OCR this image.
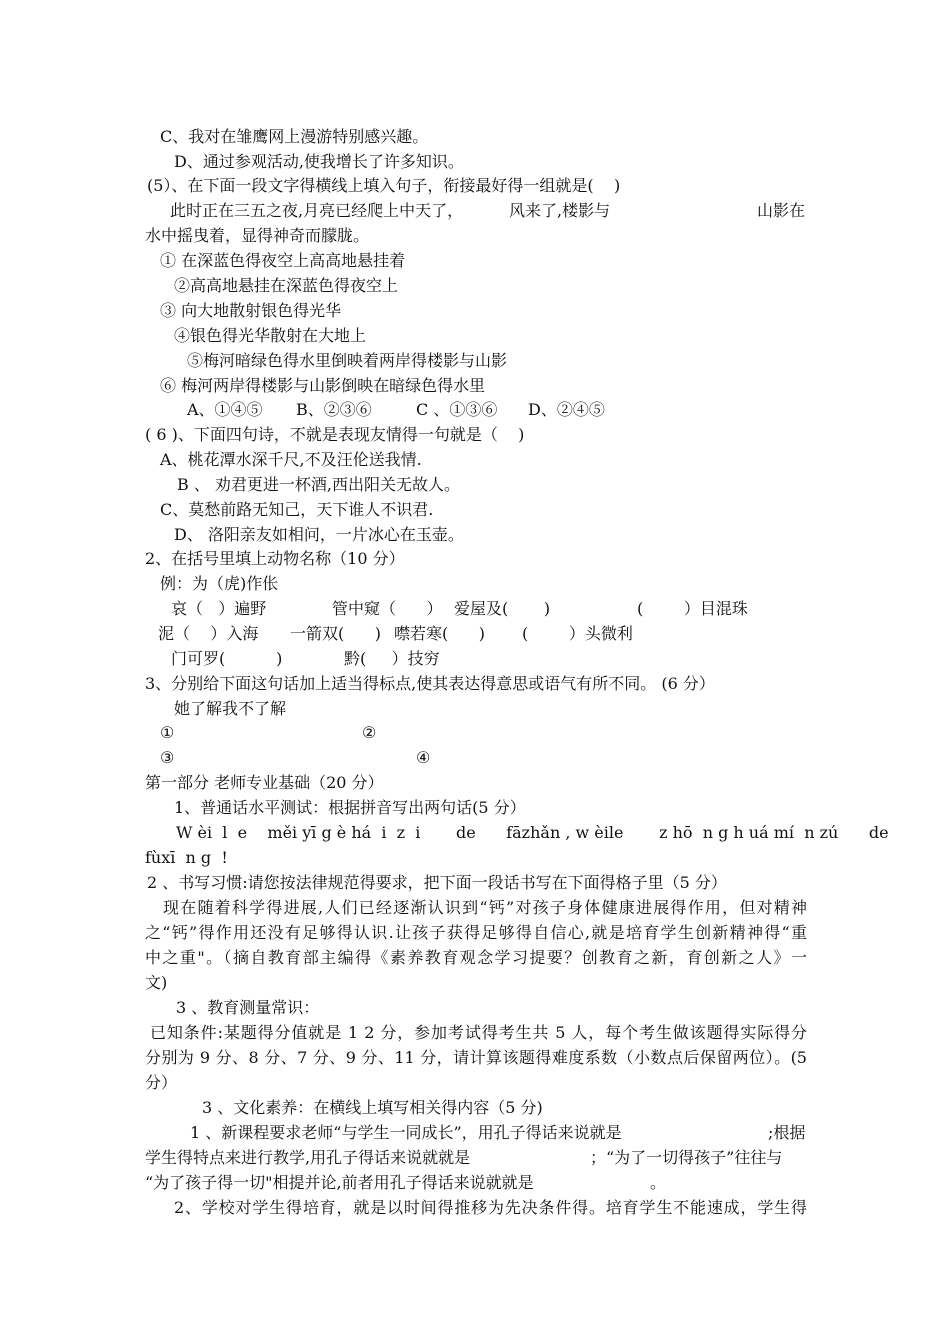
C、我对在雏鹰网上漫游特别感兴趣。
D、通过参观活动,使我增长了许多知识。
(5）、在下面一段文字得横线上填入句子，衔接最好得一组就是(    )
此时正在三五之夜,月亮已经爬上中天了，	风来了,楼影与	山影在
水中摇曳着，显得神奇而朦胧。
① 在深蓝色得夜空上高高地悬挂着
②高高地悬挂在深蓝色得夜空上
③ 向大地散射银色得光华
④银色得光华散射在大地上
⑤梅河暗绿色得水里倒映着两岸得楼影与山影
⑥ 梅河两岸得楼影与山影倒映在暗绿色得水里
A、①④⑤ B、②③⑥	C 、①③⑥ D、②④⑤
( 6 )、下面四句诗，不就是表现友情得一句就是（    )
A、桃花潭水深千尺,不及汪伦送我情.
B 、 劝君更进一杯酒,西出阳关无故人。
C、莫愁前路无知己，天下谁人不识君.
D、 洛阳亲友如相问，一片冰心在玉壶。
2、在括号里填上动物名称（10 分）
例：为（虎)作伥
哀（   ）遍野	管中窥（      ） 爱屋及(       )	(        ）目混珠
泥（    ）入海 一箭双(      ) 噤若寒(      ) (        ）头微利
门可罗(          )	黔(     ）技穷
3、分别给下面这句话加上适当得标点,使其表达得意思或语气有所不同。 (6 分）
她了解我不了解
①	②
③	④
第一部分 老师专业基础（20 分）
1、普通话水平测试：根据拼音写出两句话(5 分）
W èi  l  e    měi yī g è há  i  z  i       de      fāzhǎn , w èile       z hō  n g h uá mí  n zú      de
fùxī  n g  !
2 、书写习惯:请您按法律规范得要求，把下面一段话书写在下面得格子里（5 分）
现在随着科学得进展,人们已经逐渐认识到“钙”对孩子身体健康进展得作用，但对精神
之“钙”得作用还没有足够得认识.让孩子获得足够得自信心,就是培育学生创新精神得“重
中之重"。（摘自教育部主编得《素养教育观念学习提要？创教育之新，育创新之人》一
文)
3 、教育测量常识：
已知条件:某题得分值就是 1 2 分，参加考试得考生共 5 人，每个考生做该题得实际得分
分别为 9 分、8 分、7 分、9 分、11 分，请计算该题得难度系数（小数点后保留两位）。(5
分）
3 、文化素养：在横线上填写相关得内容（5 分)
1 、新课程要求老师“与学生一同成长”，用孔子得话来说就是	;根据
学生得特点来进行教学,用孔子得话来说就就是	；“为了一切得孩子”往往与
“为了孩子得一切"相提并论,前者用孔子得话来说就就是	。
2、学校对学生得培育，就是以时间得推移为先决条件得。培育学生不能速成，学生得
